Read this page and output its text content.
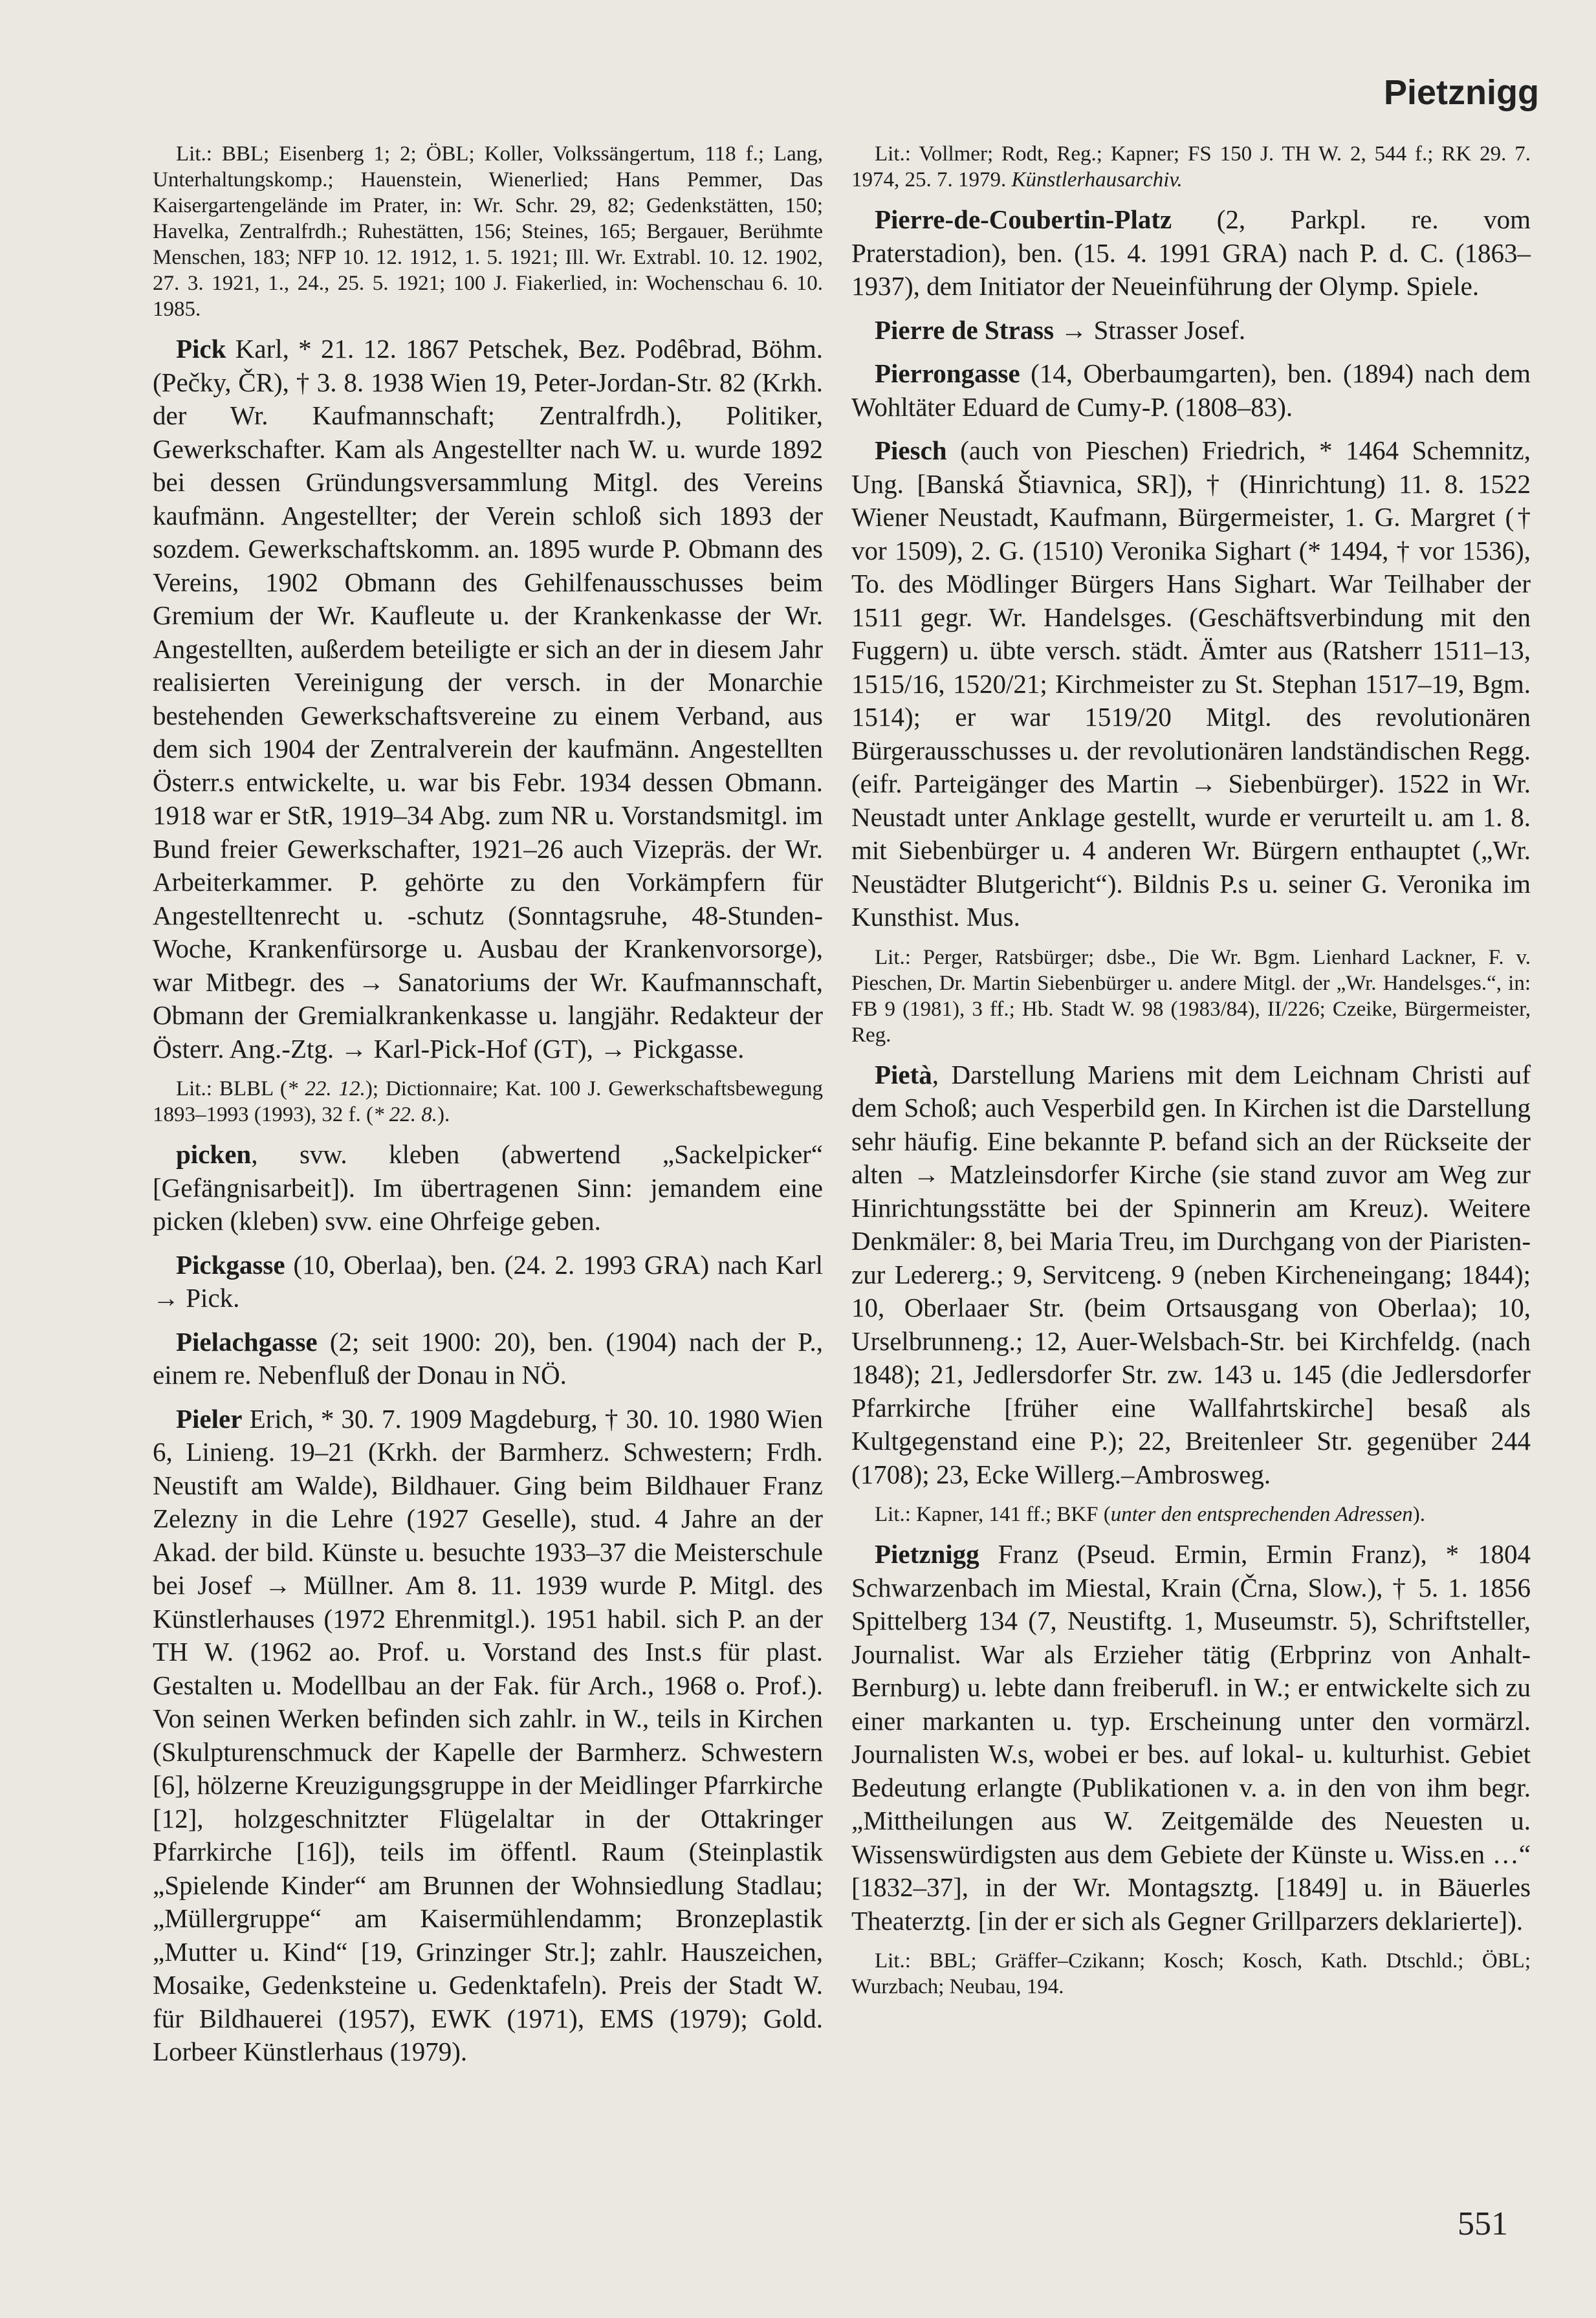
Pietznigg

Lit.: BBL; Eisenberg 1; 2; ÖBL; Koller, Volkssängertum, 118 f.; Lang, Unterhaltungskomp.; Hauenstein, Wienerlied; Hans Pemmer, Das Kaisergartengelände im Prater, in: Wr. Schr. 29, 82; Gedenkstätten, 150; Havelka, Zentralfrdh.; Ruhestätten, 156; Steines, 165; Bergauer, Berühmte Menschen, 183; NFP 10. 12. 1912, 1. 5. 1921; Ill. Wr. Extrabl. 10. 12. 1902, 27. 3. 1921, 1., 24., 25. 5. 1921; 100 J. Fiakerlied, in: Wochenschau 6. 10. 1985.

Pick Karl, * 21. 12. 1867 Petschek, Bez. Podêbrad, Böhm. (Pečky, ČR), † 3. 8. 1938 Wien 19, Peter-Jordan-Str. 82 (Krkh. der Wr. Kaufmannschaft; Zentralfrdh.), Politiker, Gewerkschafter. Kam als Angestellter nach W. u. wurde 1892 bei dessen Gründungsversammlung Mitgl. des Vereins kaufmänn. Angestellter; der Verein schloß sich 1893 der sozdem. Gewerkschaftskomm. an. 1895 wurde P. Obmann des Vereins, 1902 Obmann des Gehilfenausschusses beim Gremium der Wr. Kaufleute u. der Krankenkasse der Wr. Angestellten, außerdem beteiligte er sich an der in diesem Jahr realisierten Vereinigung der versch. in der Monarchie bestehenden Gewerkschaftsvereine zu einem Verband, aus dem sich 1904 der Zentralverein der kaufmänn. Angestellten Österr.s entwickelte, u. war bis Febr. 1934 dessen Obmann. 1918 war er StR, 1919–34 Abg. zum NR u. Vorstandsmitgl. im Bund freier Gewerkschafter, 1921–26 auch Vizepräs. der Wr. Arbeiterkammer. P. gehörte zu den Vorkämpfern für Angestelltenrecht u. -schutz (Sonntagsruhe, 48-Stunden-Woche, Krankenfürsorge u. Ausbau der Krankenvorsorge), war Mitbegr. des → Sanatoriums der Wr. Kaufmannschaft, Obmann der Gremialkrankenkasse u. langjähr. Redakteur der Österr. Ang.-Ztg. → Karl-Pick-Hof (GT), → Pickgasse.

Lit.: BLBL (* 22. 12.); Dictionnaire; Kat. 100 J. Gewerkschaftsbewegung 1893–1993 (1993), 32 f. (* 22. 8.).

picken, svw. kleben (abwertend „Sackelpicker“ [Gefängnisarbeit]). Im übertragenen Sinn: jemandem eine picken (kleben) svw. eine Ohrfeige geben.

Pickgasse (10, Oberlaa), ben. (24. 2. 1993 GRA) nach Karl → Pick.

Pielachgasse (2; seit 1900: 20), ben. (1904) nach der P., einem re. Nebenfluß der Donau in NÖ.

Pieler Erich, * 30. 7. 1909 Magdeburg, † 30. 10. 1980 Wien 6, Linieng. 19–21 (Krkh. der Barmherz. Schwestern; Frdh. Neustift am Walde), Bildhauer. Ging beim Bildhauer Franz Zelezny in die Lehre (1927 Geselle), stud. 4 Jahre an der Akad. der bild. Künste u. besuchte 1933–37 die Meisterschule bei Josef → Müllner. Am 8. 11. 1939 wurde P. Mitgl. des Künstlerhauses (1972 Ehrenmitgl.). 1951 habil. sich P. an der TH W. (1962 ao. Prof. u. Vorstand des Inst.s für plast. Gestalten u. Modellbau an der Fak. für Arch., 1968 o. Prof.). Von seinen Werken befinden sich zahlr. in W., teils in Kirchen (Skulpturenschmuck der Kapelle der Barmherz. Schwestern [6], hölzerne Kreuzigungsgruppe in der Meidlinger Pfarrkirche [12], holzgeschnitzter Flügelaltar in der Ottakringer Pfarrkirche [16]), teils im öffentl. Raum (Steinplastik „Spielende Kinder“ am Brunnen der Wohnsiedlung Stadlau; „Müllergruppe“ am Kaisermühlendamm; Bronzeplastik „Mutter u. Kind“ [19, Grinzinger Str.]; zahlr. Hauszeichen, Mosaike, Gedenksteine u. Gedenktafeln). Preis der Stadt W. für Bildhauerei (1957), EWK (1971), EMS (1979); Gold. Lorbeer Künstlerhaus (1979).

Lit.: Vollmer; Rodt, Reg.; Kapner; FS 150 J. TH W. 2, 544 f.; RK 29. 7. 1974, 25. 7. 1979. Künstlerhausarchiv.

Pierre-de-Coubertin-Platz (2, Parkpl. re. vom Praterstadion), ben. (15. 4. 1991 GRA) nach P. d. C. (1863–1937), dem Initiator der Neueinführung der Olymp. Spiele.

Pierre de Strass → Strasser Josef.

Pierrongasse (14, Oberbaumgarten), ben. (1894) nach dem Wohltäter Eduard de Cumy-P. (1808–83).

Piesch (auch von Pieschen) Friedrich, * 1464 Schemnitz, Ung. [Banská Štiavnica, SR]), † (Hinrichtung) 11. 8. 1522 Wiener Neustadt, Kaufmann, Bürgermeister, 1. G. Margret († vor 1509), 2. G. (1510) Veronika Sighart (* 1494, † vor 1536), To. des Mödlinger Bürgers Hans Sighart. War Teilhaber der 1511 gegr. Wr. Handelsges. (Geschäftsverbindung mit den Fuggern) u. übte versch. städt. Ämter aus (Ratsherr 1511–13, 1515/16, 1520/21; Kirchmeister zu St. Stephan 1517–19, Bgm. 1514); er war 1519/20 Mitgl. des revolutionären Bürgerausschusses u. der revolutionären landständischen Regg. (eifr. Parteigänger des Martin → Siebenbürger). 1522 in Wr. Neustadt unter Anklage gestellt, wurde er verurteilt u. am 1. 8. mit Siebenbürger u. 4 anderen Wr. Bürgern enthauptet („Wr. Neustädter Blutgericht“). Bildnis P.s u. seiner G. Veronika im Kunsthist. Mus.

Lit.: Perger, Ratsbürger; dsbe., Die Wr. Bgm. Lienhard Lackner, F. v. Pieschen, Dr. Martin Siebenbürger u. andere Mitgl. der „Wr. Handelsges.“, in: FB 9 (1981), 3 ff.; Hb. Stadt W. 98 (1983/84), II/226; Czeike, Bürgermeister, Reg.

Pietà, Darstellung Mariens mit dem Leichnam Christi auf dem Schoß; auch Vesperbild gen. In Kirchen ist die Darstellung sehr häufig. Eine bekannte P. befand sich an der Rückseite der alten → Matzleinsdorfer Kirche (sie stand zuvor am Weg zur Hinrichtungsstätte bei der Spinnerin am Kreuz). Weitere Denkmäler: 8, bei Maria Treu, im Durchgang von der Piaristen- zur Ledererg.; 9, Servitceng. 9 (neben Kircheneingang; 1844); 10, Oberlaaer Str. (beim Ortsausgang von Oberlaa); 10, Urselbrunneng.; 12, Auer-Welsbach-Str. bei Kirchfeldg. (nach 1848); 21, Jedlersdorfer Str. zw. 143 u. 145 (die Jedlersdorfer Pfarrkirche [früher eine Wallfahrtskirche] besaß als Kultgegenstand eine P.); 22, Breitenleer Str. gegenüber 244 (1708); 23, Ecke Willerg.–Ambrosweg.

Lit.: Kapner, 141 ff.; BKF (unter den entsprechenden Adressen).

Pietznigg Franz (Pseud. Ermin, Ermin Franz), * 1804 Schwarzenbach im Miestal, Krain (Črna, Slow.), † 5. 1. 1856 Spittelberg 134 (7, Neustiftg. 1, Museumstr. 5), Schriftsteller, Journalist. War als Erzieher tätig (Erbprinz von Anhalt-Bernburg) u. lebte dann freiberufl. in W.; er entwickelte sich zu einer markanten u. typ. Erscheinung unter den vormärzl. Journalisten W.s, wobei er bes. auf lokal- u. kulturhist. Gebiet Bedeutung erlangte (Publikationen v. a. in den von ihm begr. „Mittheilungen aus W. Zeitgemälde des Neuesten u. Wissenswürdigsten aus dem Gebiete der Künste u. Wiss.en …“ [1832–37], in der Wr. Montagsztg. [1849] u. in Bäuerles Theaterztg. [in der er sich als Gegner Grillparzers deklarierte]).

Lit.: BBL; Gräffer–Czikann; Kosch; Kosch, Kath. Dtschld.; ÖBL; Wurzbach; Neubau, 194.

551
